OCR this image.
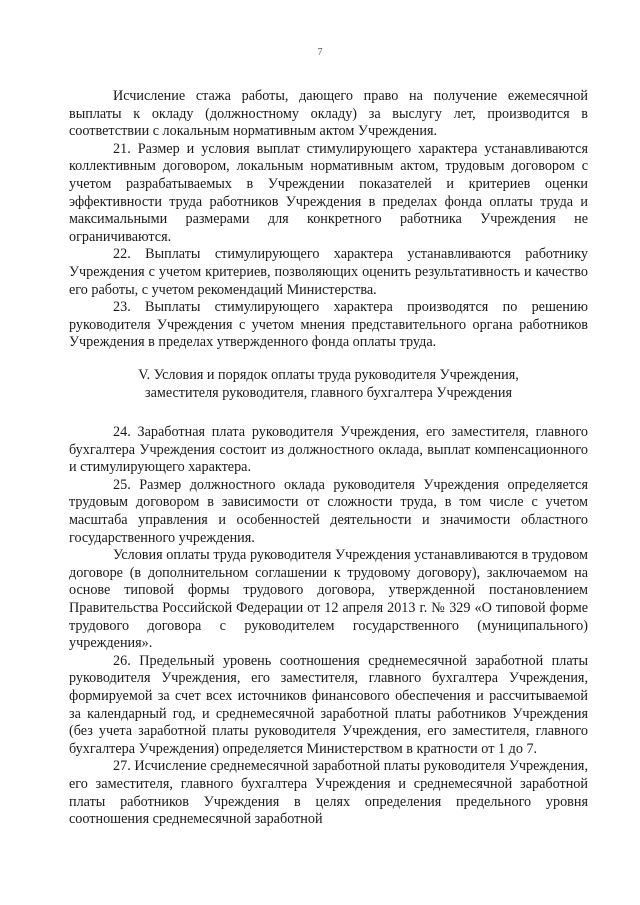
7

Исчисление стажа работы, дающего право на получение ежемесячной выплаты к окладу (должностному окладу) за выслугу лет, производится в соответствии с локальным нормативным актом Учреждения.

21. Размер и условия выплат стимулирующего характера устанавливаются коллективным договором, локальным нормативным актом, трудовым договором с учетом разрабатываемых в Учреждении показателей и критериев оценки эффективности труда работников Учреждения в пределах фонда оплаты труда и максимальными размерами для конкретного работника Учреждения не ограничиваются.

22. Выплаты стимулирующего характера устанавливаются работнику Учреждения с учетом критериев, позволяющих оценить результативность и качество его работы, с учетом рекомендаций Министерства.

23. Выплаты стимулирующего характера производятся по решению руководителя Учреждения с учетом мнения представительного органа работников Учреждения в пределах утвержденного фонда оплаты труда.

V. Условия и порядок оплаты труда руководителя Учреждения,
заместителя руководителя, главного бухгалтера Учреждения

24. Заработная плата руководителя Учреждения, его заместителя, главного бухгалтера Учреждения состоит из должностного оклада, выплат компенсационного и стимулирующего характера.

25. Размер должностного оклада руководителя Учреждения определяется трудовым договором в зависимости от сложности труда, в том числе с учетом масштаба управления и особенностей деятельности и значимости областного государственного учреждения.

Условия оплаты труда руководителя Учреждения устанавливаются в трудовом договоре (в дополнительном соглашении к трудовому договору), заключаемом на основе типовой формы трудового договора, утвержденной постановлением Правительства Российской Федерации от 12 апреля 2013 г. № 329 «О типовой форме трудового договора с руководителем государственного (муниципального) учреждения».

26. Предельный уровень соотношения среднемесячной заработной платы руководителя Учреждения, его заместителя, главного бухгалтера Учреждения, формируемой за счет всех источников финансового обеспечения и рассчитываемой за календарный год, и среднемесячной заработной платы работников Учреждения (без учета заработной платы руководителя Учреждения, его заместителя, главного бухгалтера Учреждения) определяется Министерством в кратности от 1 до 7.

27. Исчисление среднемесячной заработной платы руководителя Учреждения, его заместителя, главного бухгалтера Учреждения и среднемесячной заработной платы работников Учреждения в целях определения предельного уровня соотношения среднемесячной заработной
